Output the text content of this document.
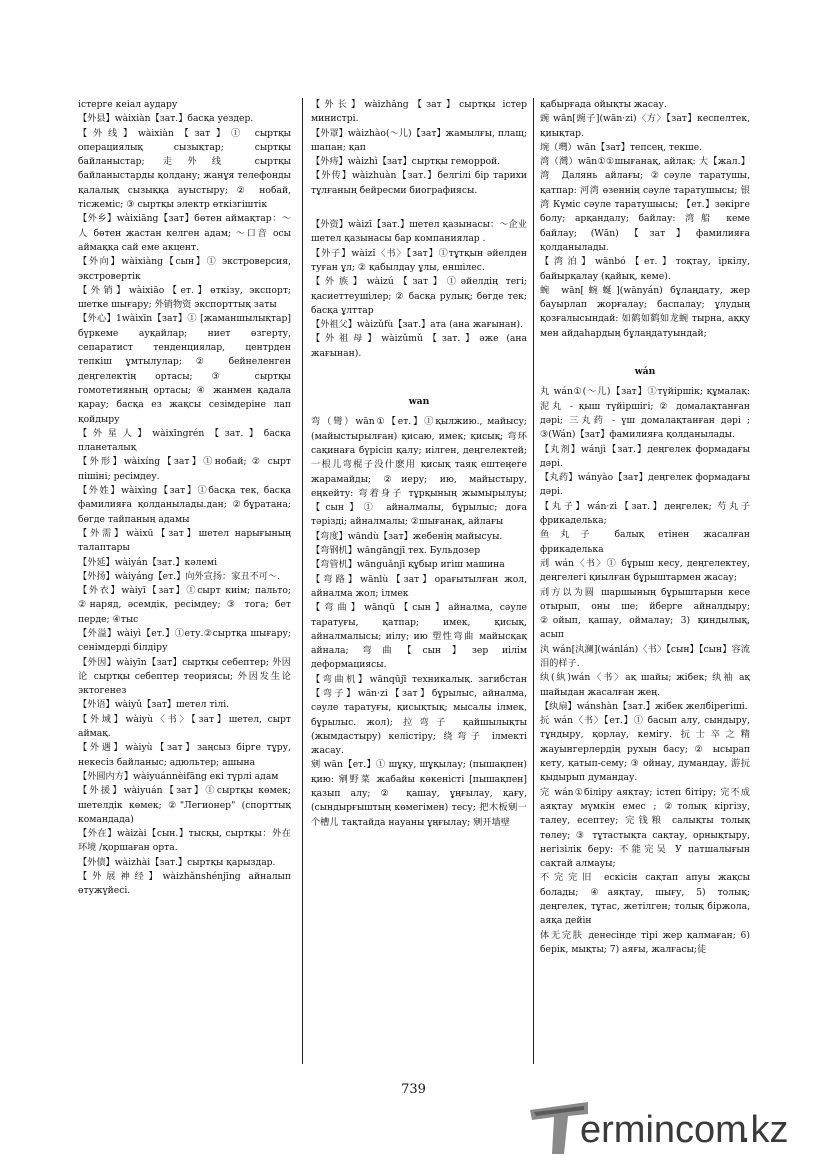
істерге кеіал аудару

【外县】wàixiàn【зат.】басқа уездер.

【外线】wàixiàn【зат】① сыртқы операциялық сызықтар; сыртқы байланыстар; 走外线 сыртқы байланыстарды қолдану; жанұя телефонды қалалық сызыққа ауыстыру; ② нобай, тісжеміс; ③ сыртқы электр өткізгіштік

【外乡】wàixiāng【зат】бөтен аймақтар：～人 бөтен жастан келген адам; ～口音 осы аймаққа сай еме акцент.

【外向】wàixiàng【сын】① экстроверсия, экстровертік

【外销】wàixiāo【ет.】өткізу, экспорт; шетке шығару; 外销物资 экспорттық заты

【外心】1wàixīn【зат】① [жаманшылықтар] бүркеме ауқайлар; ниет өзгерту, сепаратист тенденциялар, центрден тепкіш ұмтылулар; ② бейнеленген деңгелектің ортасы; ③ сыртқы гомотетияның ортасы; ④ жанмен қадала қарау; басқа ез жақсы сезімдеріне лап қойдыру

【外星人】wàixīngrén【зат.】басқа планеталық

【外形】wàixíng【зат】①нобай; ② сырт пішіні; ресімдеу.

【外姓】wàixìng【зат】①басқа тек, басқа фамилияға қолданылады.дан; ②бұратана; бөгде тайпаның адамы

【外需】wàixū【зат】шетел нарығының талаптары

【外延】wàiyán【зат.】кәлемі

【外扬】wàiyáng【ет.】向外宣扬：家丑不可～.

【外衣】wàiyī【зат】①сырт киім; пальто; ②наряд, әсемдік, ресімдеу; ③ тога; бет перде; ④тыс

【外溢】wàiyì【ет.】①ету.②сыртқа шығару; сенімдерді білдіру

【外因】wàiyīn【зат】сыртқы себептер; 外因论 сыртқы себептер теориясы; 外因发生论 эктогенез

【外语】wàiyǔ【зат】шетел тілі.

【外域】wàiyù〈书〉【зат】шетел, сырт аймақ.

【外遇】wàiyù【зат】заңсыз бірге тұру, некесіз байланыс; адюльтер; ашына

【外圆内方】wàiyuánnèifāng екі түрлі адам

【外援】wàiyuán【зат】①сыртқы көмек; шетелдік көмек; ②"Легионер" (спорттық командада)

【外在】wàizài【сын.】тысқы, сыртқы：外在环境 /қоршаған орта.

【外债】wàizhài【зат.】сыртқы қарыздар.

【外展神经】wàizhǎnshénjīng айналып өтужүйесі.

【外长】wàizhǎng【зат】сыртқы істер министрі.

【外罩】wàizhào(～儿)【зат】жамылғы, плащ; шапан; қап

【外痔】wàizhì【зат】сыртқы геморрой.

【外传】wàizhuàn【зат.】белгілі бір тарихи тұлғаның бейресми биографиясы.

【外资】wàizī【зат.】шетел қазынасы：～企业 шетел қазынасы бар компаниялар .

【外子】wàizǐ〈书〉【зат】①тұтқын әйелден туған ұл; ② қабылдау ұлы, еншілес.

【外族】wàizú【зат】①әйелдің тегі; қасиеттеушілер; ② басқа рулық; бөгде тек; басқа ұлттар

【外祖父】wàizǔfù【зат.】ата (ана жағынан).

【外祖母】wàizǔmǔ【зат.】әже (ана жағынан).

wan

弯（彎）wān①【ет.】①қылжию., майысу; (майыстырылған) қисаю, имек; қисық; 弯环 сақинаға бүрісіп қалу; иілген, деңгелектей; 一根儿弯棍子没什麽用 қисық таяқ ештеңеге жарамайды; ②иеру; ию, майыстыру, еңкейту: 弯着身子 тұрқының жымырылуы; 【сын】① айналмалы, бұрылыс; доға тәрізді; айналмалы; ②шығанақ, айлағы

【弯度】wāndù【зат】жебенің майысуы.

【弯钢机】wāngāngjī тех. Бульдозер

【弯管机】wānguǎnjī құбыр игіш машина

【弯路】wānlù【зат】орағытылған жол, айналма жол; ілмек

【弯曲】wānqū【сын】айналма, сәуле таратуғы, қатпар; имек, қисық, айналмалысы; иілу; ию 塑性弯曲 майысқақ айнала; 弯曲【сын】зер иілім деформациясы.

【弯曲机】wānqūjī техникалық. загибстан 【弯子】wān·zi【зат】бұрылыс, айналма, сәуле таратуғы, қисықтық; мысалы ілмек, бұрылыс. жол); 拉弯子 қайшылықты (жымдастыру) келістіру; 绕弯子 ілмекті жасау.

剜 wān【ет.】① шұқу, шұқылау; (пышақпен) қию: 剜野菜 жабайы көкеністі [пышақпен] қазып алу; ② қашау, ұңғылау, қағу, (сындырғыштың көмегімен) тесу; 把木板剜一个槽儿 тақтайда науаны ұңғылау; 剜开墙壁

қабырғада ойықты жасау.

豌 wān[豌子](wān·zi)〈方〉【зат】кеспелтек, қиықтар.

埦（壪）wān【зат】тепсең, текше.

湾（灣）wān①①шығанақ, айлақ: 大【жал.】湾 Далянь айлағы; ②сәуле таратушы, қатпар: 河湾 өзеннің сәуле таратушысы; 银湾 Күміс сәуле таратушысы; 【ет.】зәкірге болу; арқандалу; байлау: 湾船 кеме байлау; (Wān)【зат】фамилияға қолданылады.

【湾泊】wānbó【ет.】тоқтау, іркілу, байырқалау (қайық, кеме).

蜿 wān[蜿蜒](wānyán) бұлаңдату, жер бауырлап жорғалау; баспалау; ұлудың қозғалысындай: 如鹤如鹤如龙蜿 тырна, аққу мен айдаһардың бұлаңдатуындай;

wán

丸 wán①(～儿)【зат】①түйіршік; құмалақ: 泥丸 - қыш түйіршігі; ② домалақтанған дәрі; 三丸药 - үш домалақтанған дәрі ; ③(Wán)【зат】фамилияға қолданылады.

【丸剂】wánjì【зат.】деңгелек формадағы дәрі.

【丸药】wányào【зат】деңгелек формадағы дәрі.

【丸子】wán·zi【зат.】деңгелек; 芍丸子 фрикаделька;

鱼丸子 балық етінен жасалған фрикаделька

刓 wán〈书〉① бұрыш кесу, деңгелектеу, деңгелегі қиылған бұрыштармен жасау;

刓方以为圆 шаршының бұрыштарын кесе отырып, оны ше; йберге айналдыру; ②ойып, қашау, оймалау; 3) қиндылық, асып

汍 wán[汍澜](wánlán)〈书〉【сын】【сын】容流泪的样子.

纨(紈)wán〈书〉ақ шайы; жібек; 纨袖 ақ шайыдан жасалған жең.

【纨扇】wánshàn【зат.】жібек желбірегіші.

抏 wán〈书〉【ет.】① басып алу, сындыру, тұндыру, қорлау, кемігу. 抏士卒之精 жауынгерлердің рухын басу; ② ысырап кету, қатып-сему; ③ ойнау, думандау, 游抏 қыдырып думандау.

完 wán①біліру аяқтау; істеп бітіру; 完不成 аяқтау мүмкін емес ; ②толық кіргізу, талеу, есептеу; 完钱粮 салықты толық төлеу; ③ тұтастықта сақтау, орнықтыру, негізілік беру: 不能完吴 У патшалығын сақтай алмауы;

不完完旧 ескісін сақтап апуы жақсы болады; ④аяқтау, шығу, 5) толық; деңгелек, тұтас, жетілген; толық біржола, аяқа дейін

体无完肤 денесінде тірі жер қалмаған; 6) берік, мықты; 7) аяғы, жалғасы;徒

739
ermincom
.kz
